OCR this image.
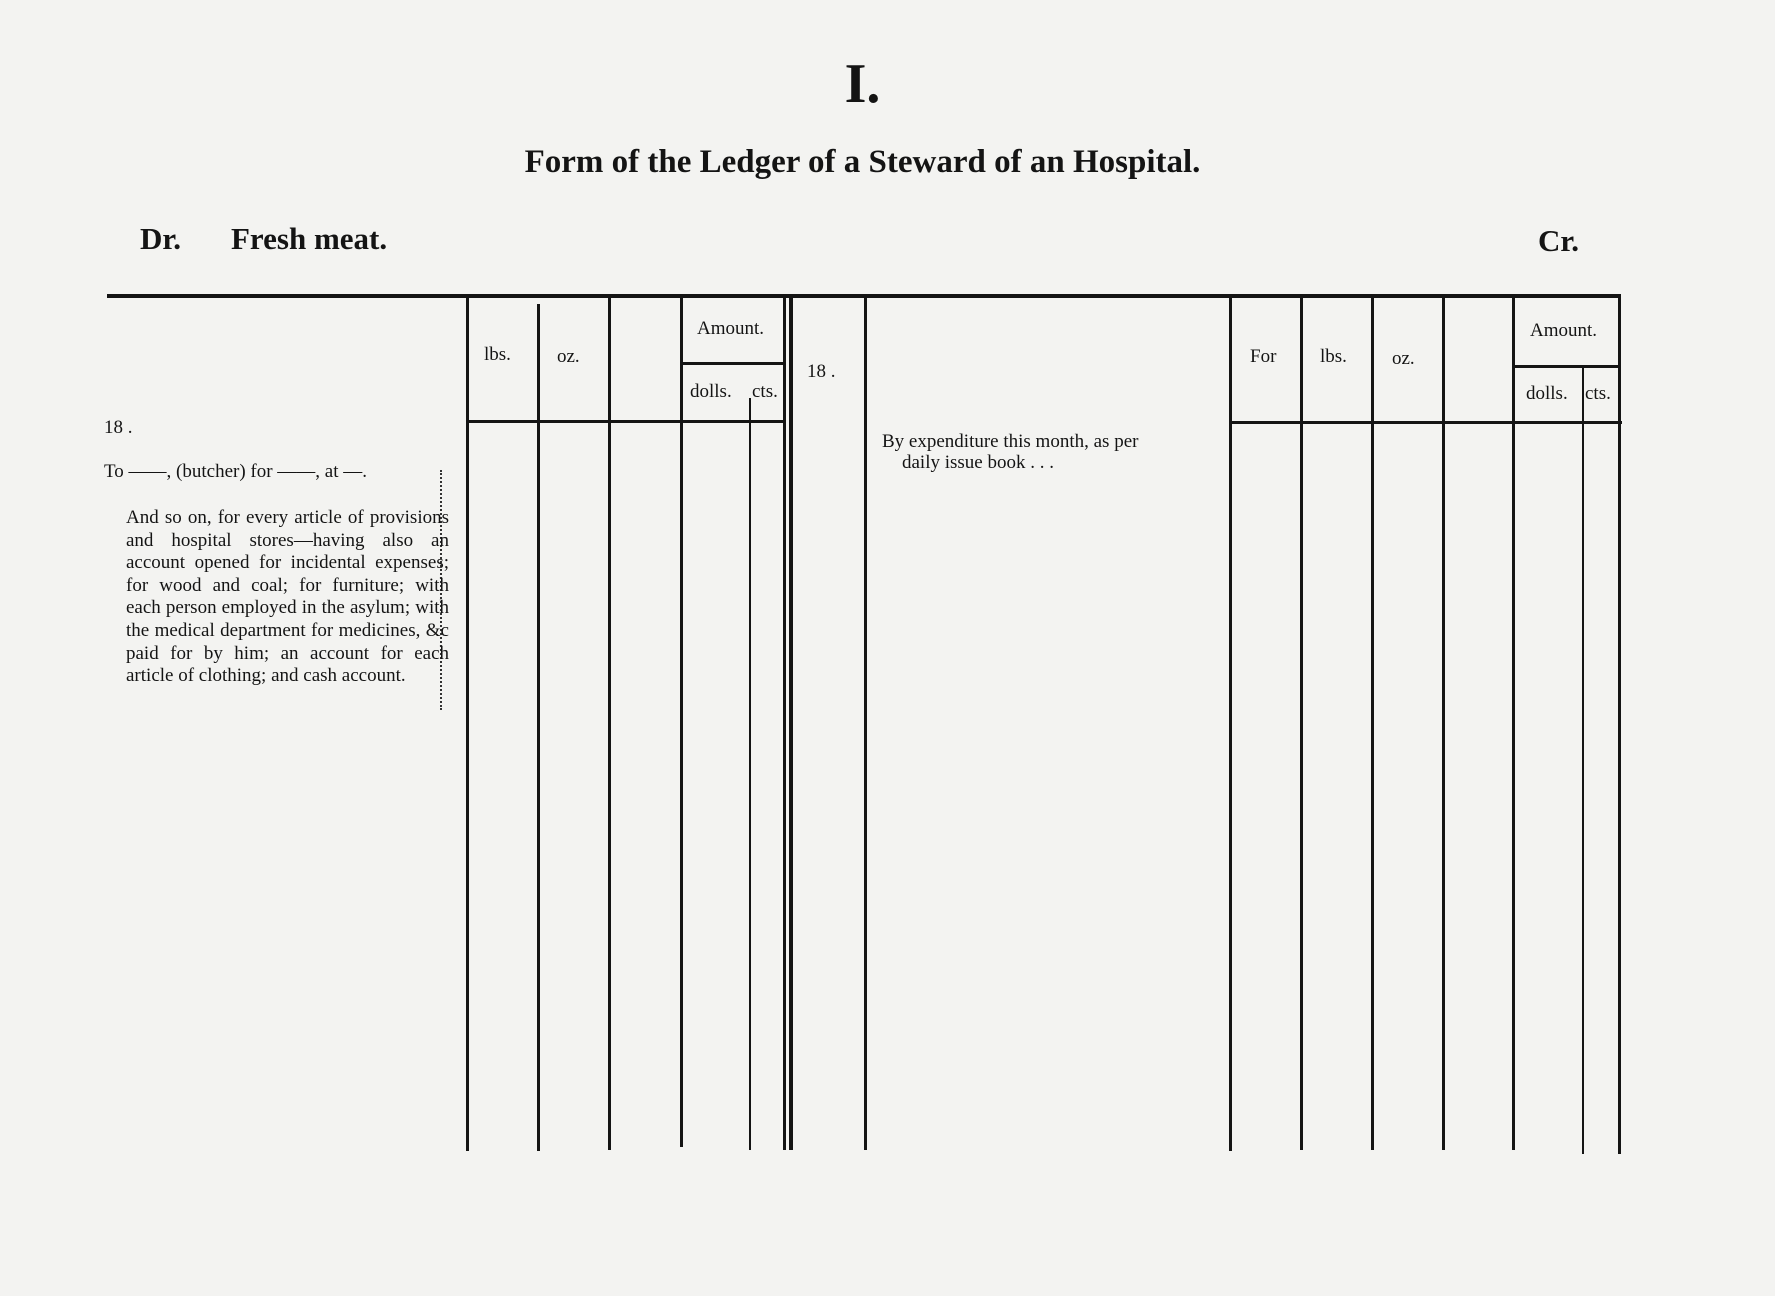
I.
Form of the Ledger of a Steward of an Hospital.
Dr. Fresh meat.	Cr.
lbs. oz.
Amount.
dolls. cts.
18 .
To ——, (butcher) for ——, at —.
And so on, for every article of provisions and hospital stores—having also an account opened for incidental expenses; for wood and coal; for furniture; with each person employed in the asylum; with the medical department for medicines, &c paid for by him; an account for each article of clothing; and cash account.
18 .
By expenditure this month, as per
daily issue book . . .
For lbs. oz.
Amount.
dolls. cts.
